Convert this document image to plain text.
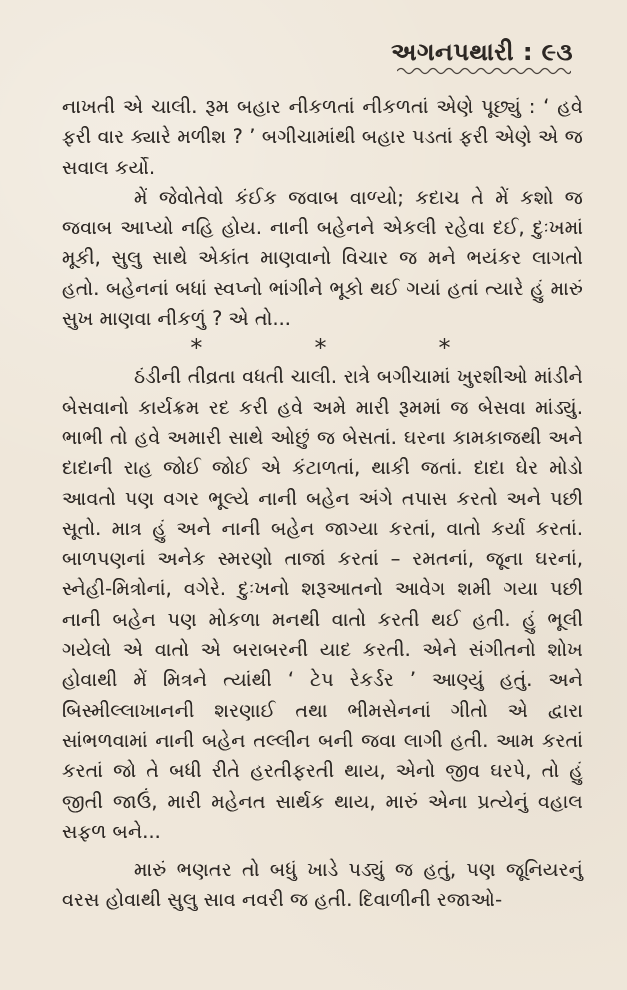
અગનપથારી : ૯૩

નાખતી એ ચાલી. રૂમ બહાર નીકળતાં નીકળતાં એણે પૂછ્યું : ‘ હવે ફરી વાર ક્યારે મળીશ ? ’ બગીચામાંથી બહાર પડતાં ફરી એણે એ જ સવાલ કર્યો.

મેં જેવોતેવો કંઈક જવાબ વાળ્યો; કદાચ તે મેં કશો જ જવાબ આપ્યો નહિ હોય. નાની બહેનને એકલી રહેવા દઈ, દુઃખમાં મૂકી, સુલુ સાથે એકાંત માણવાનો વિચાર જ મને ભયંકર લાગતો હતો. બહેનનાં બધાં સ્વપ્નો ભાંગીને ભૂકો થઈ ગયાં હતાં ત્યારે હું મારું સુખ માણવા નીકળું ? એ તો...

*	*	*

ઠંડીની તીવ્રતા વધતી ચાલી. રાત્રે બગીચામાં ખુરશીઓ માંડીને બેસવાનો કાર્યક્રમ રદ કરી હવે અમે મારી રૂમમાં જ બેસવા માંડ્યું. ભાભી તો હવે અમારી સાથે ઓછું જ બેસતાં. ઘરના કામકાજથી અને દાદાની રાહ જોઈ જોઈ એ કંટાળતાં, થાકી જતાં. દાદા ઘેર મોડો આવતો પણ વગર ભૂલ્યે નાની બહેન અંગે તપાસ કરતો અને પછી સૂતો. માત્ર હું અને નાની બહેન જાગ્યા કરતાં, વાતો કર્યા કરતાં. બાળપણનાં અનેક સ્મરણો તાજાં કરતાં – રમતનાં, જૂના ઘરનાં, સ્નેહી-મિત્રોનાં, વગેરે. દુઃખનો શરૂઆતનો આવેગ શમી ગયા પછી નાની બહેન પણ મોકળા મનથી વાતો કરતી થઈ હતી. હું ભૂલી ગયેલો એ વાતો એ બરાબરની યાદ કરતી. એને સંગીતનો શોખ હોવાથી મેં મિત્રને ત્યાંથી ‘ ટેપ રેકર્ડર ’ આણ્યું હતું. અને બિસ્મીલ્લાખાનની શરણાઈ તથા ભીમસેનનાં ગીતો એ દ્વારા સાંભળવામાં નાની બહેન તલ્લીન બની જવા લાગી હતી. આમ કરતાં કરતાં જો તે બધી રીતે હરતીફરતી થાય, એનો જીવ ઘરપે, તો હું જીતી જાઉં, મારી મહેનત સાર્થક થાય, મારું એના પ્રત્યેનું વહાલ સફળ બને...

મારું ભણતર તો બધું ખાડે પડ્યું જ હતું, પણ જૂનિયરનું વરસ હોવાથી સુલુ સાવ નવરી જ હતી. દિવાળીની રજાઓ-
